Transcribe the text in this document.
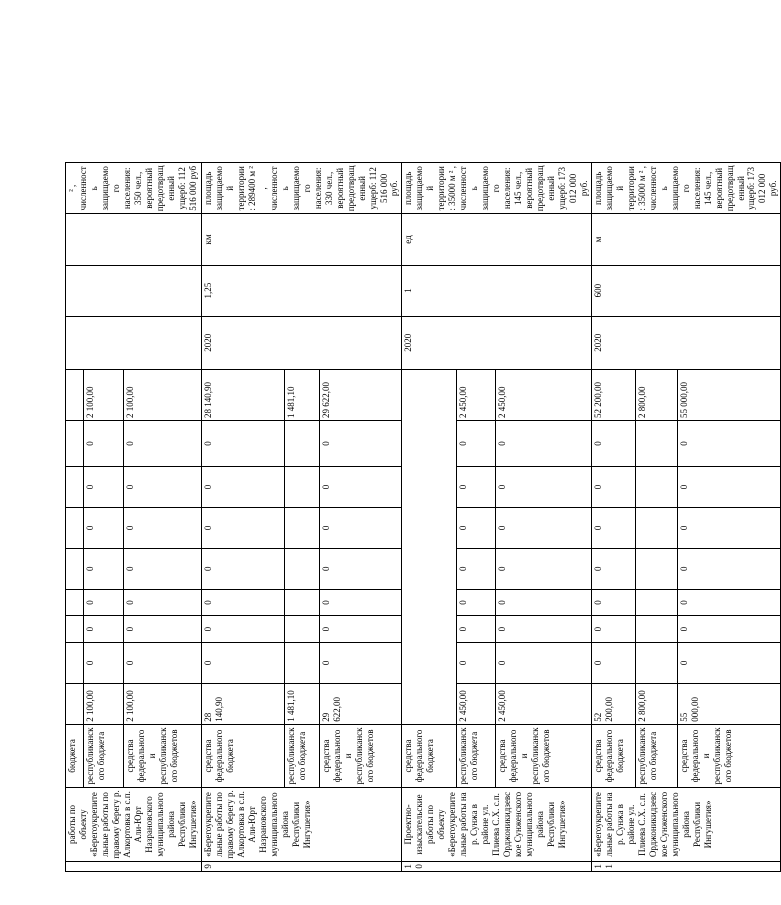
	работы по объекту «Берегоукрепительные работы по правому берегу р. Алкортовка в с.п. Али-Юрт Назрановского муниципального района Республики Ингушетия»	бюджета													² , численность защищаемого населения: 350 чел., вероятный предотвращенный ущерб: 112 516 000 руб
		республиканского бюджета	2 100,00	0	0	0	0	0	0	0	2 100,00				
		средства федерального и республиканского бюджетов	2 100,00	0	0	0	0	0	0	0	2 100,00				
9	«Берегоукрепительные работы по правому берегу р. Алкортовка в с.п. Али-Юрт Назрановского муниципального района Республики Ингушетия»	средства федерального бюджета	28 140,90	0	0	0	0	0	0	0	28 140,90	2020	1,25	км	площадь защищаемой территории: 289400 м ² , численность защищаемого населения: 330 чел., вероятный предотвращенный ущерб: 112 516 000 руб.
		республиканского бюджета	1 481,10								1 481,10				
		средства федерального и республиканского бюджетов	29 622,00	0	0	0	0	0	0	0	29 622,00				
10	Проектно-изыскательские работы по объекту «Берегоукрепительные работы на р. Сунжа в районе ул. Плиева С.Х. с.п. Орджоникидзевское Сунженского муниципального района Республики Ингушетия»	средства федерального бюджета										2020	1	ед	площадь защищаемой территории: 35000 м ² , численность защищаемого населения: 145 чел., вероятный предотвращенный ущерб: 173 012 000 руб.
		республиканского бюджета	2 450,00	0	0	0	0	0	0	0	2 450,00				
		средства федерального и республиканского бюджетов	2 450,00	0	0	0	0	0	0	0	2 450,00				
11	«Берегоукрепительные работы на р. Сунжа в районе ул. Плиева С.Х. с.п. Орджоникидзевское Сунженского муниципального района Республики Ингушетия»	средства федерального бюджета	52 200,00	0	0	0	0	0	0	0	52 200,00	2020	600	м	площадь защищаемой территории: 35000 м ² , численность защищаемого населения: 145 чел., вероятный предотвращенный ущерб: 173 012 000 руб.
		республиканского бюджета	2 800,00								2 800,00				
		средства федерального и республиканского бюджетов	55 000,00	0	0	0	0	0	0	0	55 000,00				
